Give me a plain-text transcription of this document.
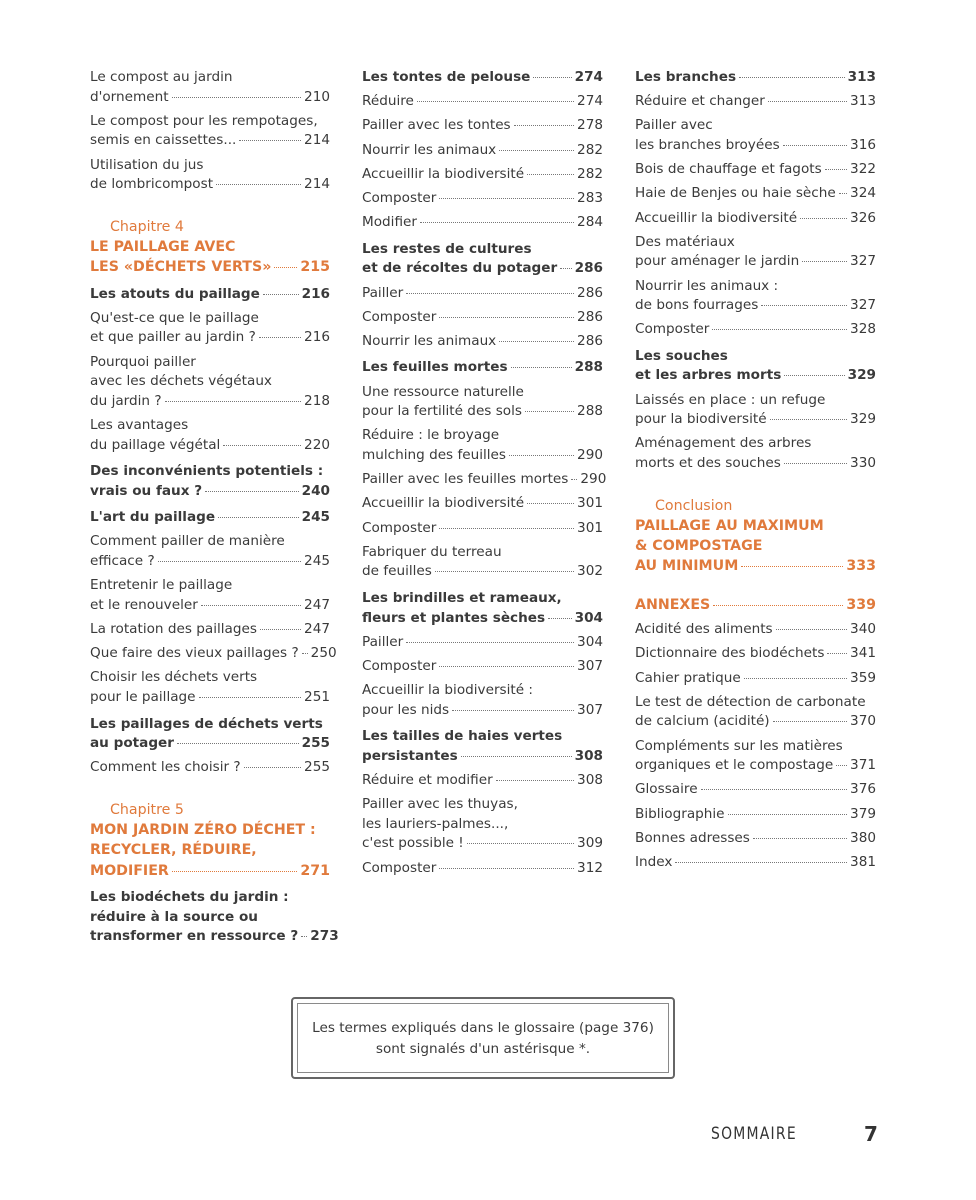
Le compost au jardin
d'ornement	210
Le compost pour les rempotages,
semis en caissettes...	214
Utilisation du jus
de lombricompost	214
Chapitre 4
LE PAILLAGE AVEC
LES «DÉCHETS VERTS» 215
Les atouts du paillage	216
Qu'est-ce que le paillage
et que pailler au jardin ?	216
Pourquoi pailler
avec les déchets végétaux
du jardin ?	218
Les avantages
du paillage végétal	220
Des inconvénients potentiels :
vrais ou faux ?	240
L'art du paillage	245
Comment pailler de manière
efficace ?	245
Entretenir le paillage
et le renouveler	247
La rotation des paillages	247
Que faire des vieux paillages ? 250
Choisir les déchets verts
pour le paillage	251
Les paillages de déchets verts
au potager	255
Comment les choisir ?	255
Chapitre 5
MON JARDIN ZÉRO DÉCHET :
RECYCLER, RÉDUIRE,
MODIFIER	271
Les biodéchets du jardin :
réduire à la source ou
transformer en ressource ? 273
Les tontes de pelouse	274
Réduire	274
Pailler avec les tontes	278
Nourrir les animaux	282
Accueillir la biodiversité	282
Composter	283
Modifier	284
Les restes de cultures
et de récoltes du potager 286
Pailler	286
Composter	286
Nourrir les animaux	286
Les feuilles mortes	288
Une ressource naturelle
pour la fertilité des sols	288
Réduire : le broyage
mulching des feuilles	290
Pailler avec les feuilles mortes 290
Accueillir la biodiversité	301
Composter	301
Fabriquer du terreau
de feuilles	302
Les brindilles et rameaux,
fleurs et plantes sèches 304
Pailler	304
Composter	307
Accueillir la biodiversité :
pour les nids	307
Les tailles de haies vertes
persistantes	308
Réduire et modifier	308
Pailler avec les thuyas,
les lauriers-palmes...,
c'est possible !	309
Composter	312
Les branches	313
Réduire et changer	313
Pailler avec
les branches broyées	316
Bois de chauffage et fagots 322
Haie de Benjes ou haie sèche 324
Accueillir la biodiversité	326
Des matériaux
pour aménager le jardin	327
Nourrir les animaux :
de bons fourrages	327
Composter	328
Les souches
et les arbres morts	329
Laissés en place : un refuge
pour la biodiversité	329
Aménagement des arbres
morts et des souches	330
Conclusion
PAILLAGE AU MAXIMUM
& COMPOSTAGE
AU MINIMUM	333
ANNEXES	339
Acidité des aliments	340
Dictionnaire des biodéchets 341
Cahier pratique	359
Le test de détection de carbonate
de calcium (acidité)	370
Compléments sur les matières
organiques et le compostage 371
Glossaire	376
Bibliographie	379
Bonnes adresses	380
Index	381
Les termes expliqués dans le glossaire (page 376)
sont signalés d'un astérisque *.
SOMMAIRE	7
